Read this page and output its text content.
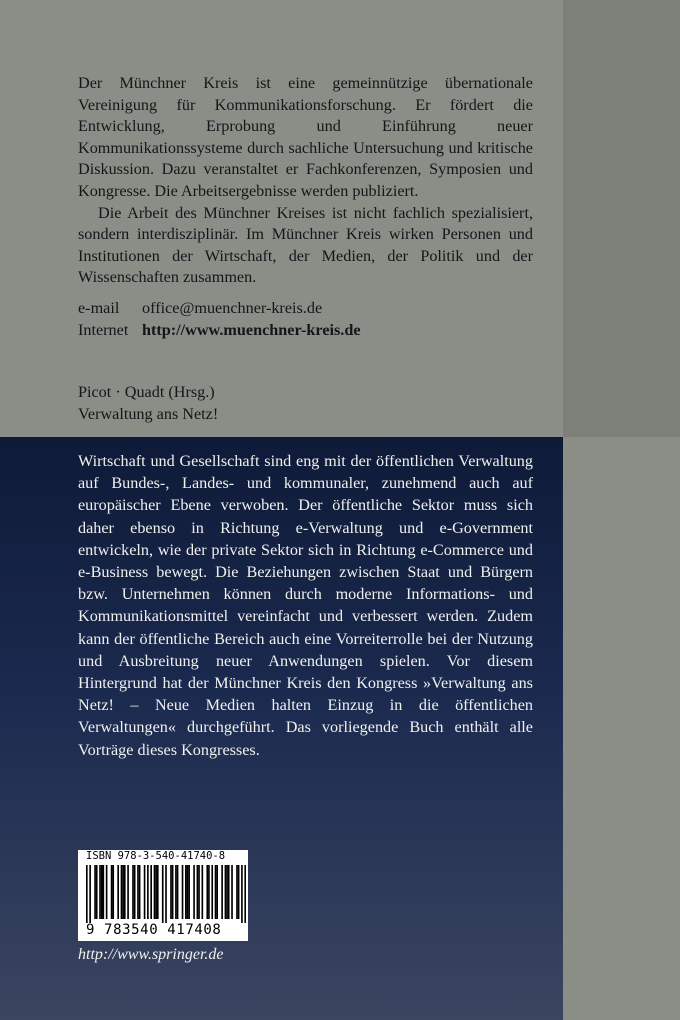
Der Münchner Kreis ist eine gemeinnützige übernationale Vereinigung für Kommunikationsforschung. Er fördert die Entwicklung, Erprobung und Einführung neuer Kommunikationssysteme durch sachliche Untersuchung und kritische Diskussion. Dazu veranstaltet er Fachkonferenzen, Symposien und Kongresse. Die Arbeitsergebnisse werden publiziert.

Die Arbeit des Münchner Kreises ist nicht fachlich spezialisiert, sondern interdisziplinär. Im Münchner Kreis wirken Personen und Institutionen der Wirtschaft, der Medien, der Politik und der Wissenschaften zusammen.

e-mail office@muenchner-kreis.de
Internet http://www.muenchner-kreis.de
Picot · Quadt (Hrsg.)
Verwaltung ans Netz!

Wirtschaft und Gesellschaft sind eng mit der öffentlichen Verwaltung auf Bundes-, Landes- und kommunaler, zunehmend auch auf europäischer Ebene verwoben. Der öffentliche Sektor muss sich daher ebenso in Richtung e-Verwaltung und e-Government entwickeln, wie der private Sektor sich in Richtung e-Commerce und e-Business bewegt. Die Beziehungen zwischen Staat und Bürgern bzw. Unternehmen können durch moderne Informations- und Kommunikationsmittel vereinfacht und verbessert werden. Zudem kann der öffentliche Bereich auch eine Vorreiterrolle bei der Nutzung und Ausbreitung neuer Anwendungen spielen. Vor diesem Hintergrund hat der Münchner Kreis den Kongress »Verwaltung ans Netz! – Neue Medien halten Einzug in die öffentlichen Verwaltungen« durchgeführt. Das vorliegende Buch enthält alle Vorträge dieses Kongresses.

ISBN 978-3-540-41740-8
9 783540 417408
http://www.springer.de
